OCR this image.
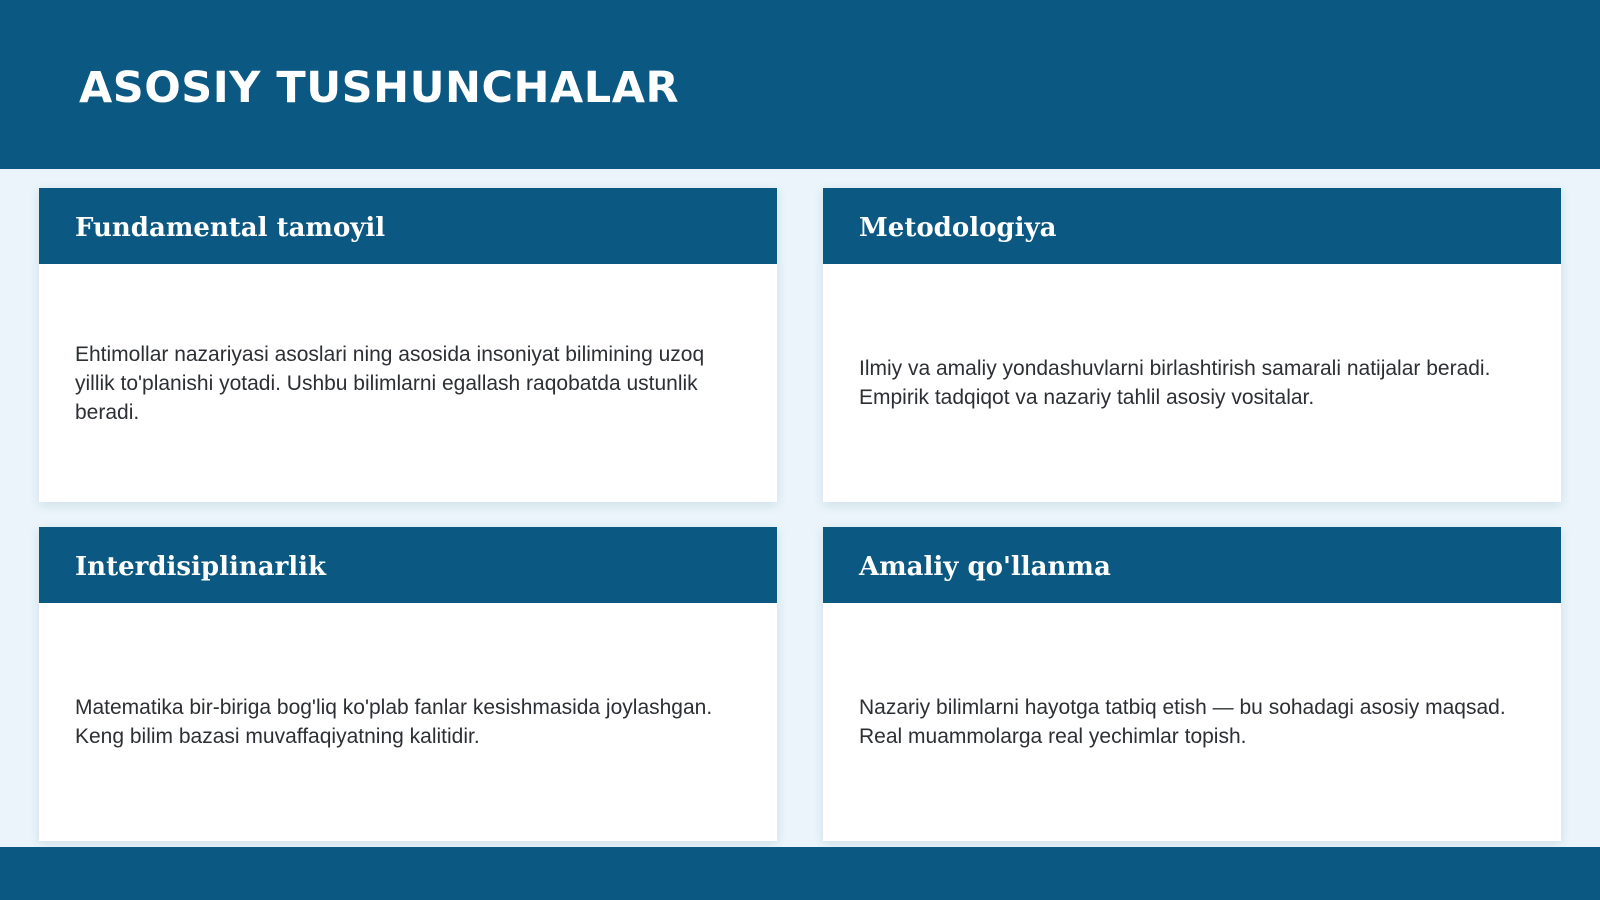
ASOSIY TUSHUNCHALAR
Fundamental tamoyil

Ehtimollar nazariyasi asoslari ning asosida insoniyat bilimining uzoq yillik to'planishi yotadi. Ushbu bilimlarni egallash raqobatda ustunlik beradi.

Metodologiya

Ilmiy va amaliy yondashuvlarni birlashtirish samarali natijalar beradi. Empirik tadqiqot va nazariy tahlil asosiy vositalar.

Interdisiplinarlik

Matematika bir-biriga bog'liq ko'plab fanlar kesishmasida joylashgan. Keng bilim bazasi muvaffaqiyatning kalitidir.

Amaliy qo'llanma

Nazariy bilimlarni hayotga tatbiq etish — bu sohadagi asosiy maqsad. Real muammolarga real yechimlar topish.
